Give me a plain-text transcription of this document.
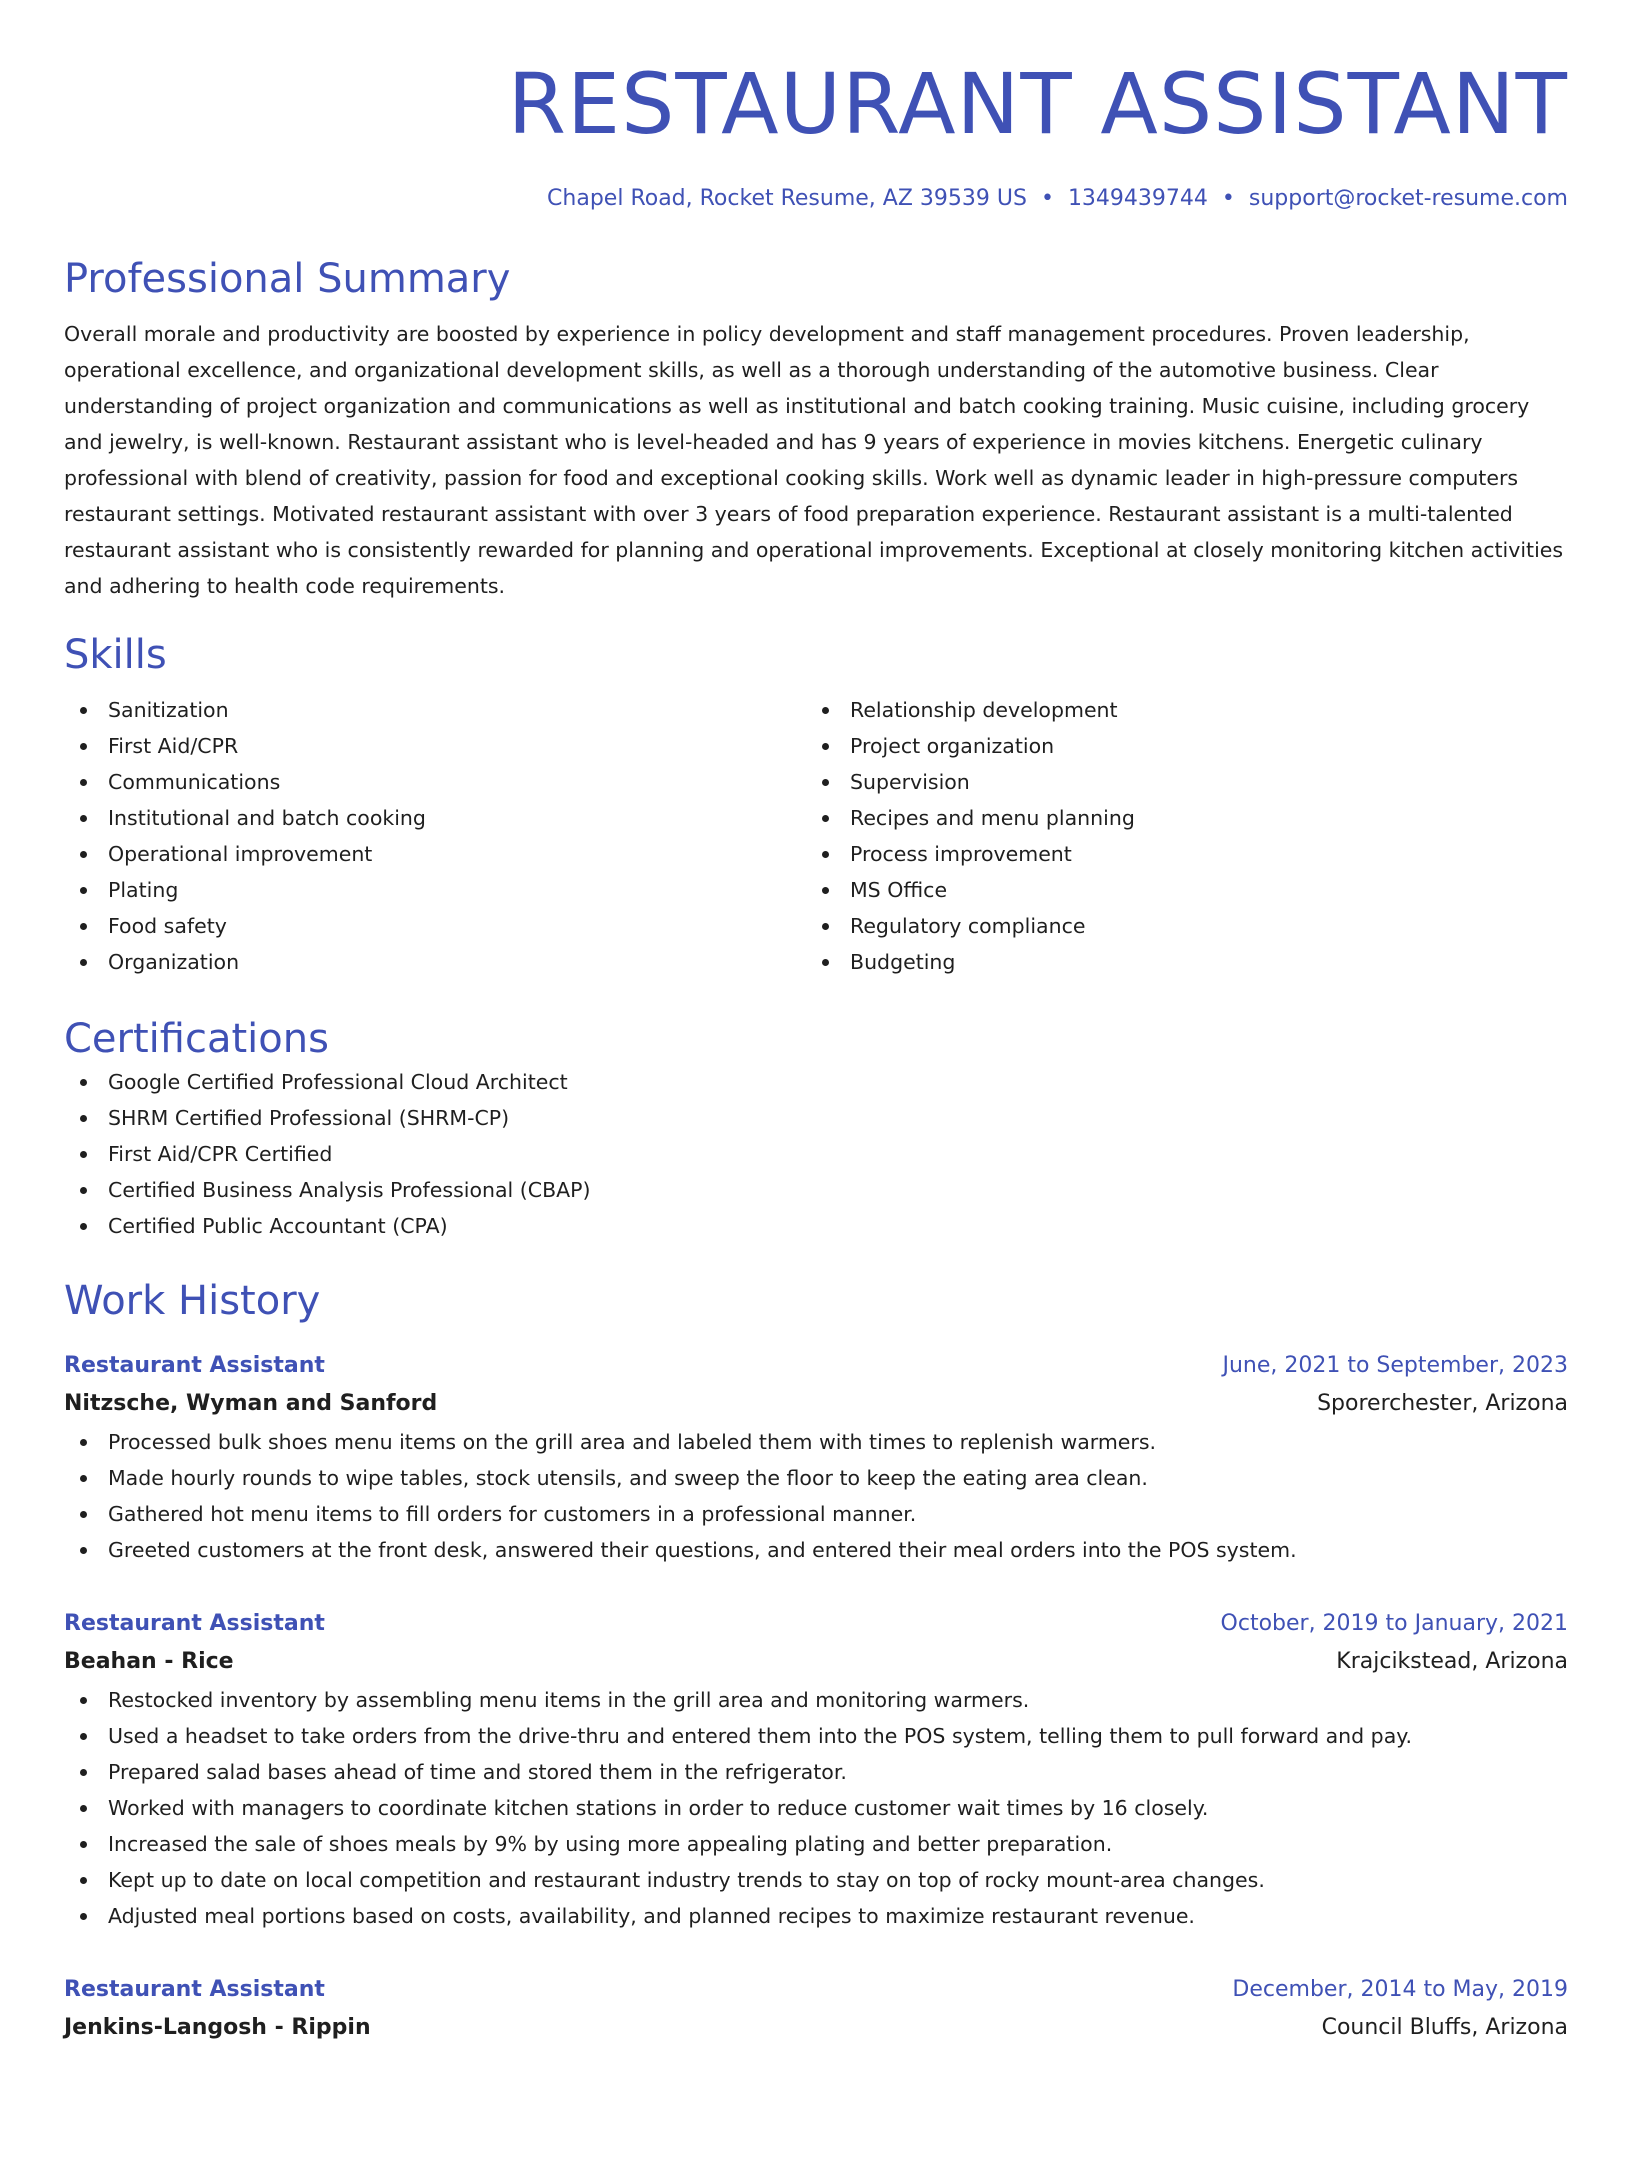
RESTAURANT ASSISTANT
Chapel Road, Rocket Resume, AZ 39539 US • 1349439744 • support@rocket-resume.com
Professional Summary
Overall morale and productivity are boosted by experience in policy development and staff management procedures. Proven leadership, operational excellence, and organizational development skills, as well as a thorough understanding of the automotive business. Clear understanding of project organization and communications as well as institutional and batch cooking training. Music cuisine, including grocery and jewelry, is well-known. Restaurant assistant who is level-headed and has 9 years of experience in movies kitchens. Energetic culinary professional with blend of creativity, passion for food and exceptional cooking skills. Work well as dynamic leader in high-pressure computers restaurant settings. Motivated restaurant assistant with over 3 years of food preparation experience. Restaurant assistant is a multi-talented restaurant assistant who is consistently rewarded for planning and operational improvements. Exceptional at closely monitoring kitchen activities and adhering to health code requirements.
Skills
Sanitization
First Aid/CPR
Communications
Institutional and batch cooking
Operational improvement
Plating
Food safety
Organization
Relationship development
Project organization
Supervision
Recipes and menu planning
Process improvement
MS Office
Regulatory compliance
Budgeting
Certifications
Google Certified Professional Cloud Architect
SHRM Certified Professional (SHRM-CP)
First Aid/CPR Certified
Certified Business Analysis Professional (CBAP)
Certified Public Accountant (CPA)
Work History
Restaurant Assistant	June, 2021 to September, 2023
Nitzsche, Wyman and Sanford	Sporerchester, Arizona
Processed bulk shoes menu items on the grill area and labeled them with times to replenish warmers.
Made hourly rounds to wipe tables, stock utensils, and sweep the floor to keep the eating area clean.
Gathered hot menu items to fill orders for customers in a professional manner.
Greeted customers at the front desk, answered their questions, and entered their meal orders into the POS system.
Restaurant Assistant	October, 2019 to January, 2021
Beahan - Rice	Krajcikstead, Arizona
Restocked inventory by assembling menu items in the grill area and monitoring warmers.
Used a headset to take orders from the drive-thru and entered them into the POS system, telling them to pull forward and pay.
Prepared salad bases ahead of time and stored them in the refrigerator.
Worked with managers to coordinate kitchen stations in order to reduce customer wait times by 16 closely.
Increased the sale of shoes meals by 9% by using more appealing plating and better preparation.
Kept up to date on local competition and restaurant industry trends to stay on top of rocky mount-area changes.
Adjusted meal portions based on costs, availability, and planned recipes to maximize restaurant revenue.
Restaurant Assistant	December, 2014 to May, 2019
Jenkins-Langosh - Rippin	Council Bluffs, Arizona
